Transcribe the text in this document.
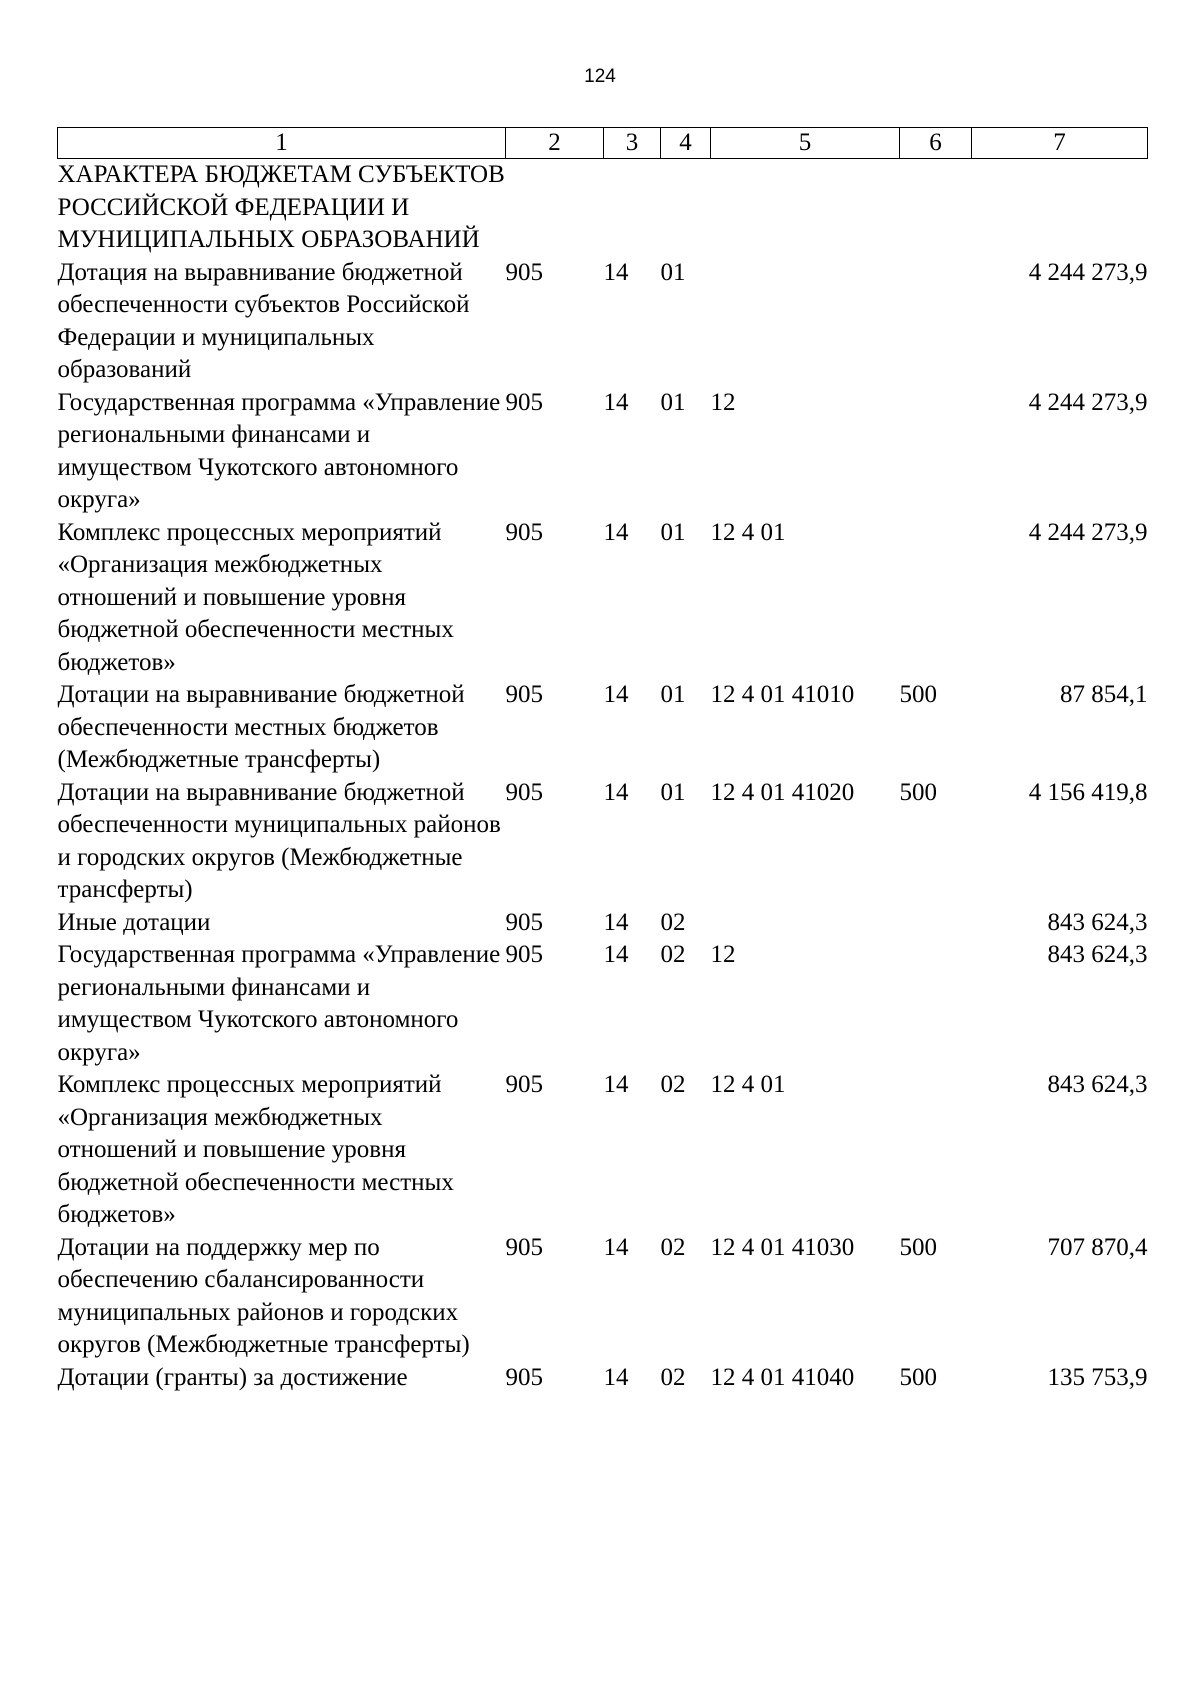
124
1	2	3	4	5	6	7
ХАРАКТЕРА БЮДЖЕТАМ СУБЪЕКТОВ РОССИЙСКОЙ ФЕДЕРАЦИИ И МУНИЦИПАЛЬНЫХ ОБРАЗОВАНИЙ						
Дотация на выравнивание бюджетной обеспеченности субъектов Российской Федерации и муниципальных образований	905	14	01			4 244 273,9
Государственная программа «Управление региональными финансами и имуществом Чукотского автономного округа»	905	14	01	12		4 244 273,9
Комплекс процессных мероприятий «Организация межбюджетных отношений и повышение уровня бюджетной обеспеченности местных бюджетов»	905	14	01	12 4 01		4 244 273,9
Дотации на выравнивание бюджетной обеспеченности местных бюджетов (Межбюджетные трансферты)	905	14	01	12 4 01 41010	500	87 854,1
Дотации на выравнивание бюджетной обеспеченности муниципальных районов и городских округов (Межбюджетные трансферты)	905	14	01	12 4 01 41020	500	4 156 419,8
Иные дотации	905	14	02			843 624,3
Государственная программа «Управление региональными финансами и имуществом Чукотского автономного округа»	905	14	02	12		843 624,3
Комплекс процессных мероприятий «Организация межбюджетных отношений и повышение уровня бюджетной обеспеченности местных бюджетов»	905	14	02	12 4 01		843 624,3
Дотации на поддержку мер по обеспечению сбалансированности муниципальных районов и городских округов (Межбюджетные трансферты)	905	14	02	12 4 01 41030	500	707 870,4
Дотации (гранты) за достижение	905	14	02	12 4 01 41040	500	135 753,9
